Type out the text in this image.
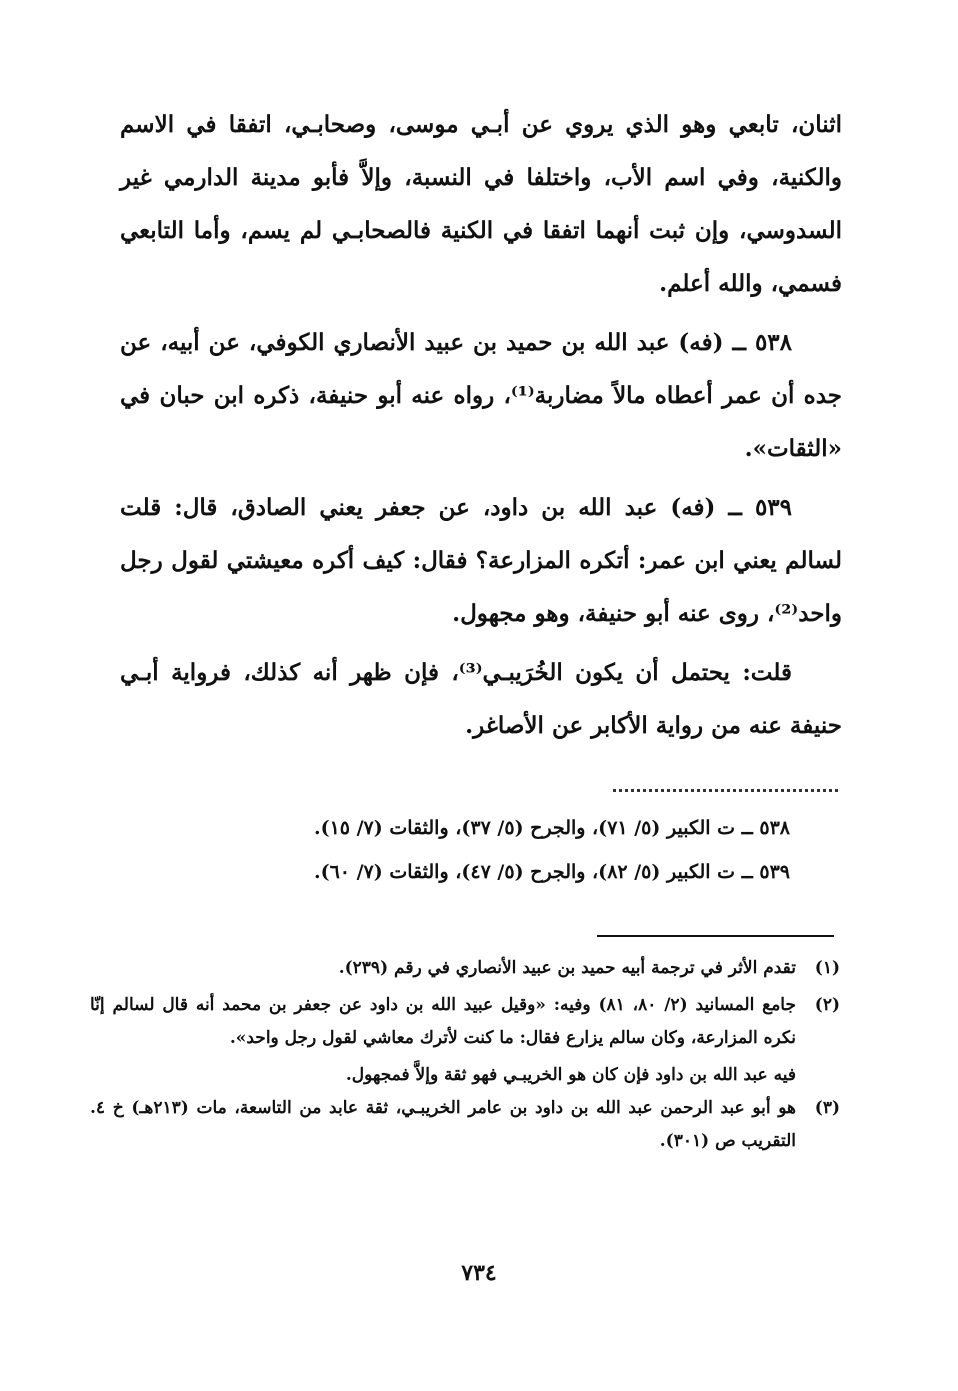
اثنان، تابعي وهو الذي يروي عن أبـي موسى، وصحابـي، اتفقا في الاسم والكنية، وفي اسم الأب، واختلفا في النسبة، وإلاَّ فأبو مدينة الدارمي غير السدوسي، وإن ثبت أنهما اتفقا في الكنية فالصحابـي لم يسم، وأما التابعي فسمي، والله أعلم.

٥٣٨ ــ (فه) عبد الله بن حميد بن عبيد الأنصاري الكوفي، عن أبيه، عن جده أن عمر أعطاه مالاً مضاربة⁽¹⁾، رواه عنه أبو حنيفة، ذكره ابن حبان في «الثقات».

٥٣٩ ــ (فه) عبد الله بن داود، عن جعفر يعني الصادق، قال: قلت لسالم يعني ابن عمر: أتكره المزارعة؟ فقال: كيف أكره معيشتي لقول رجل واحد⁽²⁾، روى عنه أبو حنيفة، وهو مجهول.

قلت: يحتمل أن يكون الخُرَيبـي⁽³⁾، فإن ظهر أنه كذلك، فرواية أبـي حنيفة عنه من رواية الأكابر عن الأصاغر.

٥٣٨ ــ ت الكبير (٥/ ٧١)، والجرح (٥/ ٣٧)، والثقات (٧/ ١٥).
٥٣٩ ــ ت الكبير (٥/ ٨٢)، والجرح (٥/ ٤٧)، والثقات (٧/ ٦٠).
(١)
تقدم الأثر في ترجمة أبيه حميد بن عبيد الأنصاري في رقم (٢٣٩).
(٢)
جامع المسانيد (٢/ ٨٠، ٨١) وفيه: «وقيل عبيد الله بن داود عن جعفر بن محمد أنه قال لسالم إنّا نكره المزارعة، وكان سالم يزارع فقال: ما كنت لأترك معاشي لقول رجل واحد».
فيه عبد الله بن داود فإن كان هو الخريبـي فهو ثقة وإلاَّ فمجهول.
(٣)
هو أبو عبد الرحمن عبد الله بن داود بن عامر الخريبـي، ثقة عابد من التاسعة، مات (٢١٣هـ) خ ٤. التقريب ص (٣٠١).
٧٣٤
